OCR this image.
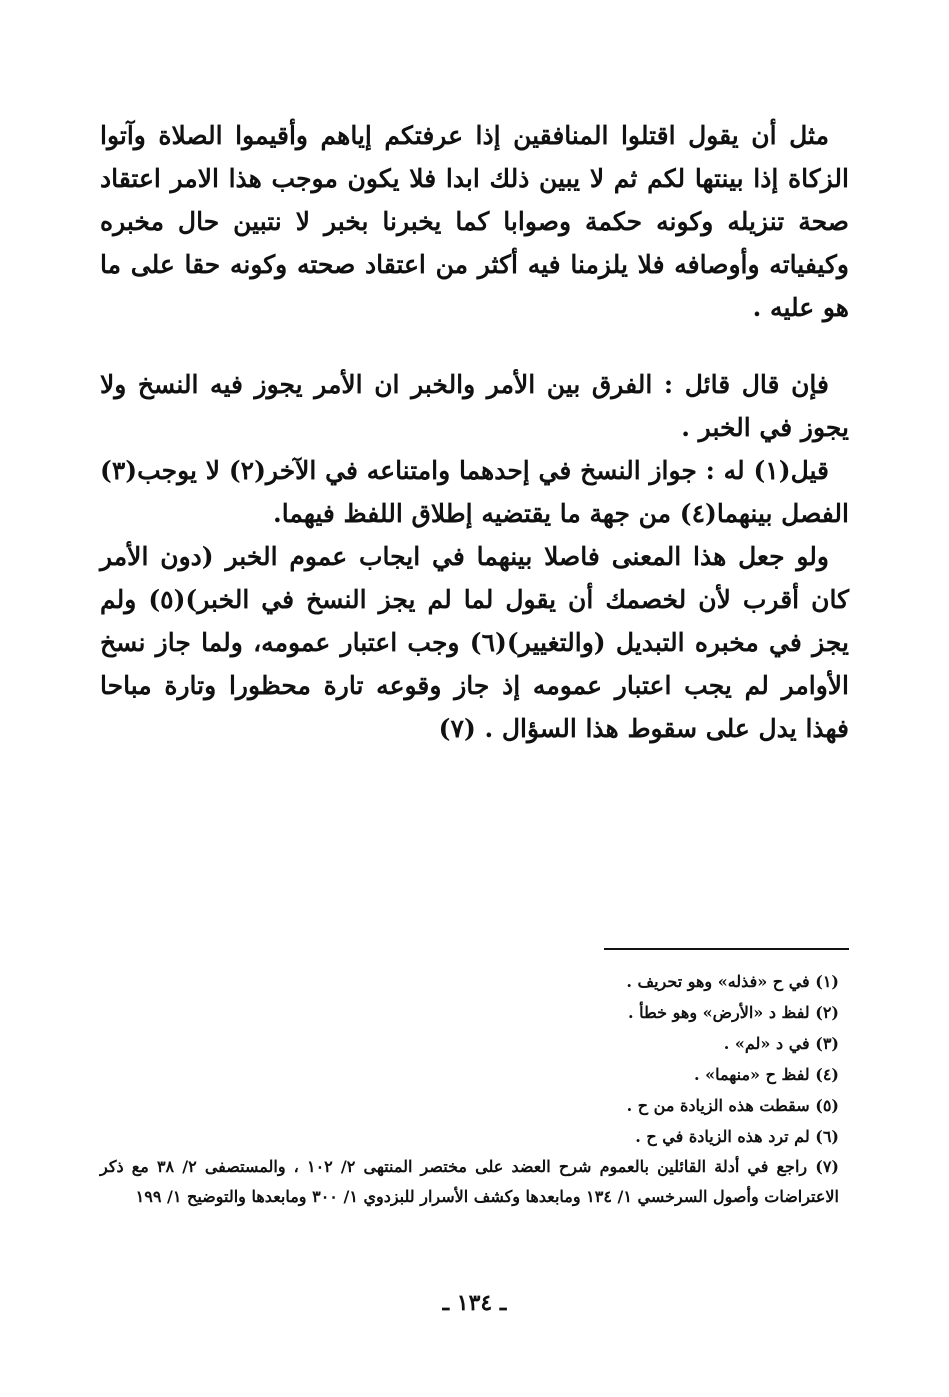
مثل أن يقول اقتلوا المنافقين إذا عرفتكم إياهم وأقيموا الصلاة وآتوا الزكاة إذا بينتها لكم ثم لا يبين ذلك ابدا فلا يكون موجب هذا الامر اعتقاد صحة تنزيله وكونه حكمة وصوابا كما يخبرنا بخبر لا نتبين حال مخبره وكيفياته وأوصافه فلا يلزمنا فيه أكثر من اعتقاد صحته وكونه حقا على ما هو عليه .

فإن قال قائل : الفرق بين الأمر والخبر ان الأمر يجوز فيه النسخ ولا يجوز في الخبر .

قيل(١) له : جواز النسخ في إحدهما وامتناعه في الآخر(٢) لا يوجب(٣) الفصل بينهما(٤) من جهة ما يقتضيه إطلاق اللفظ فيهما.

ولو جعل هذا المعنى فاصلا بينهما في ايجاب عموم الخبر (دون الأمر كان أقرب لأن لخصمك أن يقول لما لم يجز النسخ في الخبر)(٥) ولم يجز في مخبره التبديل (والتغيير)(٦) وجب اعتبار عمومه، ولما جاز نسخ الأوامر لم يجب اعتبار عمومه إذ جاز وقوعه تارة محظورا وتارة مباحا فهذا يدل على سقوط هذا السؤال . (٧)

(١) في ح «فذله» وهو تحريف .

(٢) لفظ د «الأرض» وهو خطأ .

(٣) في د «لم» .

(٤) لفظ ح «منهما» .

(٥) سقطت هذه الزيادة من ح .

(٦) لم ترد هذه الزيادة في ح .

(٧) راجع في أدلة القائلين بالعموم شرح العضد على مختصر المنتهى ٢/ ١٠٢ ، والمستصفى ٢/ ٣٨ مع ذكر الاعتراضات وأصول السرخسي ١/ ١٣٤ ومابعدها وكشف الأسرار للبزدوي ١/ ٣٠٠ ومابعدها والتوضيح ١/ ١٩٩

ـ ١٣٤ ـ
